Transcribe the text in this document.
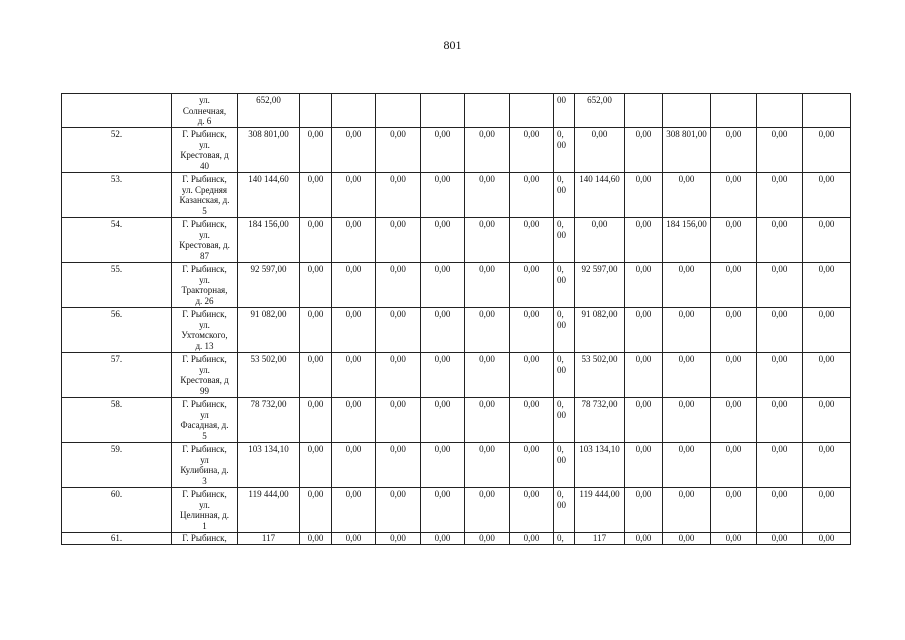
801

	ул.
Солнечная,
д. 6	652,00							00	652,00					
52.	Г. Рыбинск,
ул.
Крестовая, д
40	308 801,00	0,00	0,00	0,00	0,00	0,00	0,00	0, 00	0,00	0,00	308 801,00	0,00	0,00	0,00
53.	Г. Рыбинск,
ул. Средняя
Казанская, д.
5	140 144,60	0,00	0,00	0,00	0,00	0,00	0,00	0, 00	140 144,60	0,00	0,00	0,00	0,00	0,00
54.	Г. Рыбинск,
ул.
Крестовая, д.
87	184 156,00	0,00	0,00	0,00	0,00	0,00	0,00	0, 00	0,00	0,00	184 156,00	0,00	0,00	0,00
55.	Г. Рыбинск,
ул.
Тракторная,
д. 26	92 597,00	0,00	0,00	0,00	0,00	0,00	0,00	0, 00	92 597,00	0,00	0,00	0,00	0,00	0,00
56.	Г. Рыбинск,
ул.
Ухтомского,
д. 13	91 082,00	0,00	0,00	0,00	0,00	0,00	0,00	0, 00	91 082,00	0,00	0,00	0,00	0,00	0,00
57.	Г. Рыбинск,
ул.
Крестовая, д
99	53 502,00	0,00	0,00	0,00	0,00	0,00	0,00	0, 00	53 502,00	0,00	0,00	0,00	0,00	0,00
58.	Г. Рыбинск,
ул
Фасадная, д.
5	78 732,00	0,00	0,00	0,00	0,00	0,00	0,00	0, 00	78 732,00	0,00	0,00	0,00	0,00	0,00
59.	Г. Рыбинск,
ул
Кулибина, д.
3	103 134,10	0,00	0,00	0,00	0,00	0,00	0,00	0, 00	103 134,10	0,00	0,00	0,00	0,00	0,00
60.	Г. Рыбинск,
ул.
Целинная, д.
1	119 444,00	0,00	0,00	0,00	0,00	0,00	0,00	0, 00	119 444,00	0,00	0,00	0,00	0,00	0,00
61.	Г. Рыбинск,	117	0,00	0,00	0,00	0,00	0,00	0,00	0,	117	0,00	0,00	0,00	0,00	0,00
